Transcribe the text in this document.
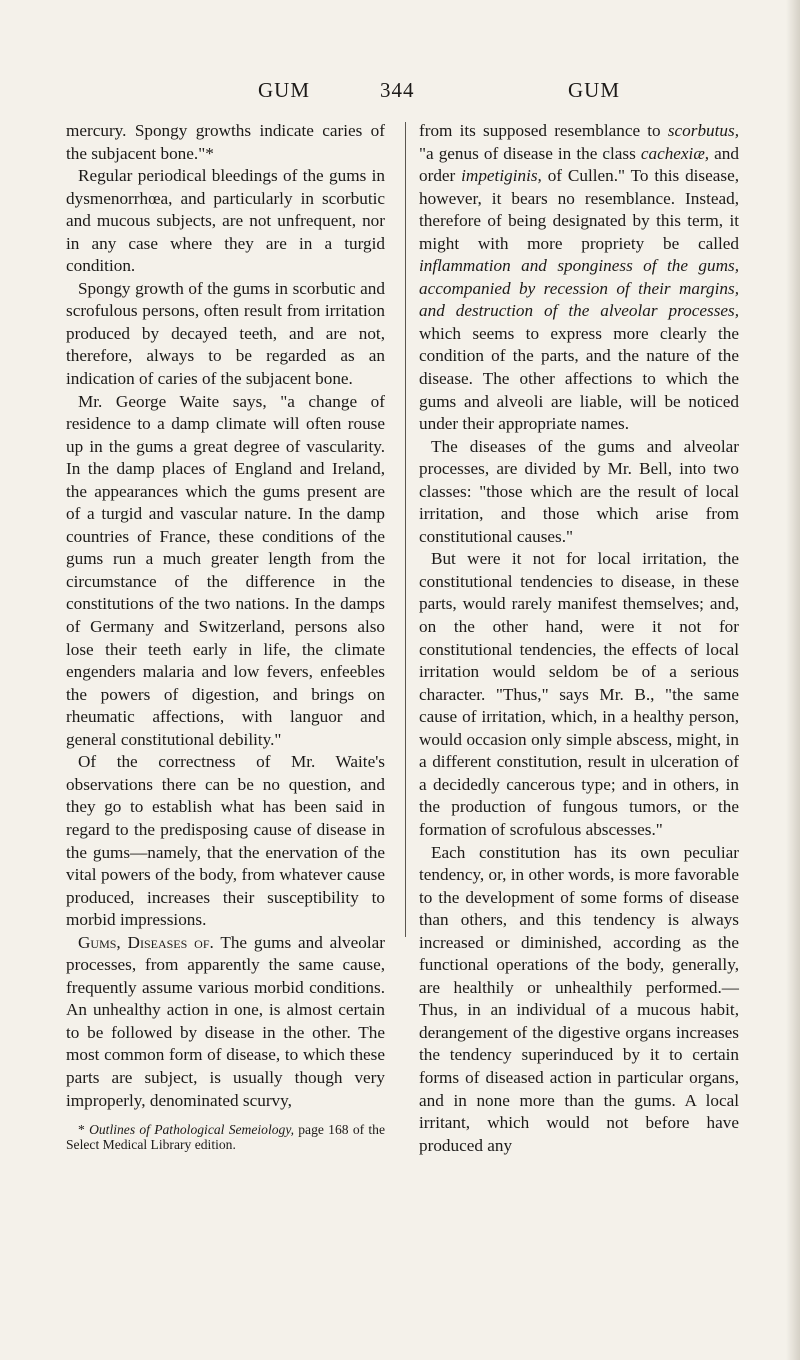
GUM	344	GUM

mercury. Spongy growths indicate caries of the subjacent bone."*

Regular periodical bleedings of the gums in dysmenorrhœa, and particularly in scorbutic and mucous subjects, are not unfrequent, nor in any case where they are in a turgid condition.

Spongy growth of the gums in scorbutic and scrofulous persons, often result from irritation produced by decayed teeth, and are not, therefore, always to be regarded as an indication of caries of the subjacent bone.

Mr. George Waite says, "a change of residence to a damp climate will often rouse up in the gums a great degree of vascularity. In the damp places of England and Ireland, the appearances which the gums present are of a turgid and vascular nature. In the damp countries of France, these conditions of the gums run a much greater length from the circumstance of the difference in the constitutions of the two nations. In the damps of Germany and Switzerland, persons also lose their teeth early in life, the climate engenders malaria and low fevers, enfeebles the powers of digestion, and brings on rheumatic affections, with languor and general constitutional debility."

Of the correctness of Mr. Waite's observations there can be no question, and they go to establish what has been said in regard to the predisposing cause of disease in the gums—namely, that the enervation of the vital powers of the body, from whatever cause produced, increases their susceptibility to morbid impressions.

Gums, Diseases of. The gums and alveolar processes, from apparently the same cause, frequently assume various morbid conditions. An unhealthy action in one, is almost certain to be followed by disease in the other. The most common form of disease, to which these parts are subject, is usually though very improperly, denominated scurvy,

* Outlines of Pathological Semeiology, page 168 of the Select Medical Library edition.

from its supposed resemblance to scorbutus, "a genus of disease in the class cachexiæ, and order impetiginis, of Cullen." To this disease, however, it bears no resemblance. Instead, therefore of being designated by this term, it might with more propriety be called inflammation and sponginess of the gums, accompanied by recession of their margins, and destruction of the alveolar processes, which seems to express more clearly the condition of the parts, and the nature of the disease. The other affections to which the gums and alveoli are liable, will be noticed under their appropriate names.

The diseases of the gums and alveolar processes, are divided by Mr. Bell, into two classes: "those which are the result of local irritation, and those which arise from constitutional causes."

But were it not for local irritation, the constitutional tendencies to disease, in these parts, would rarely manifest themselves; and, on the other hand, were it not for constitutional tendencies, the effects of local irritation would seldom be of a serious character. "Thus," says Mr. B., "the same cause of irritation, which, in a healthy person, would occasion only simple abscess, might, in a different constitution, result in ulceration of a decidedly cancerous type; and in others, in the production of fungous tumors, or the formation of scrofulous abscesses."

Each constitution has its own peculiar tendency, or, in other words, is more favorable to the development of some forms of disease than others, and this tendency is always increased or diminished, according as the functional operations of the body, generally, are healthily or unhealthily performed.— Thus, in an individual of a mucous habit, derangement of the digestive organs increases the tendency superinduced by it to certain forms of diseased action in particular organs, and in none more than the gums. A local irritant, which would not before have produced any
